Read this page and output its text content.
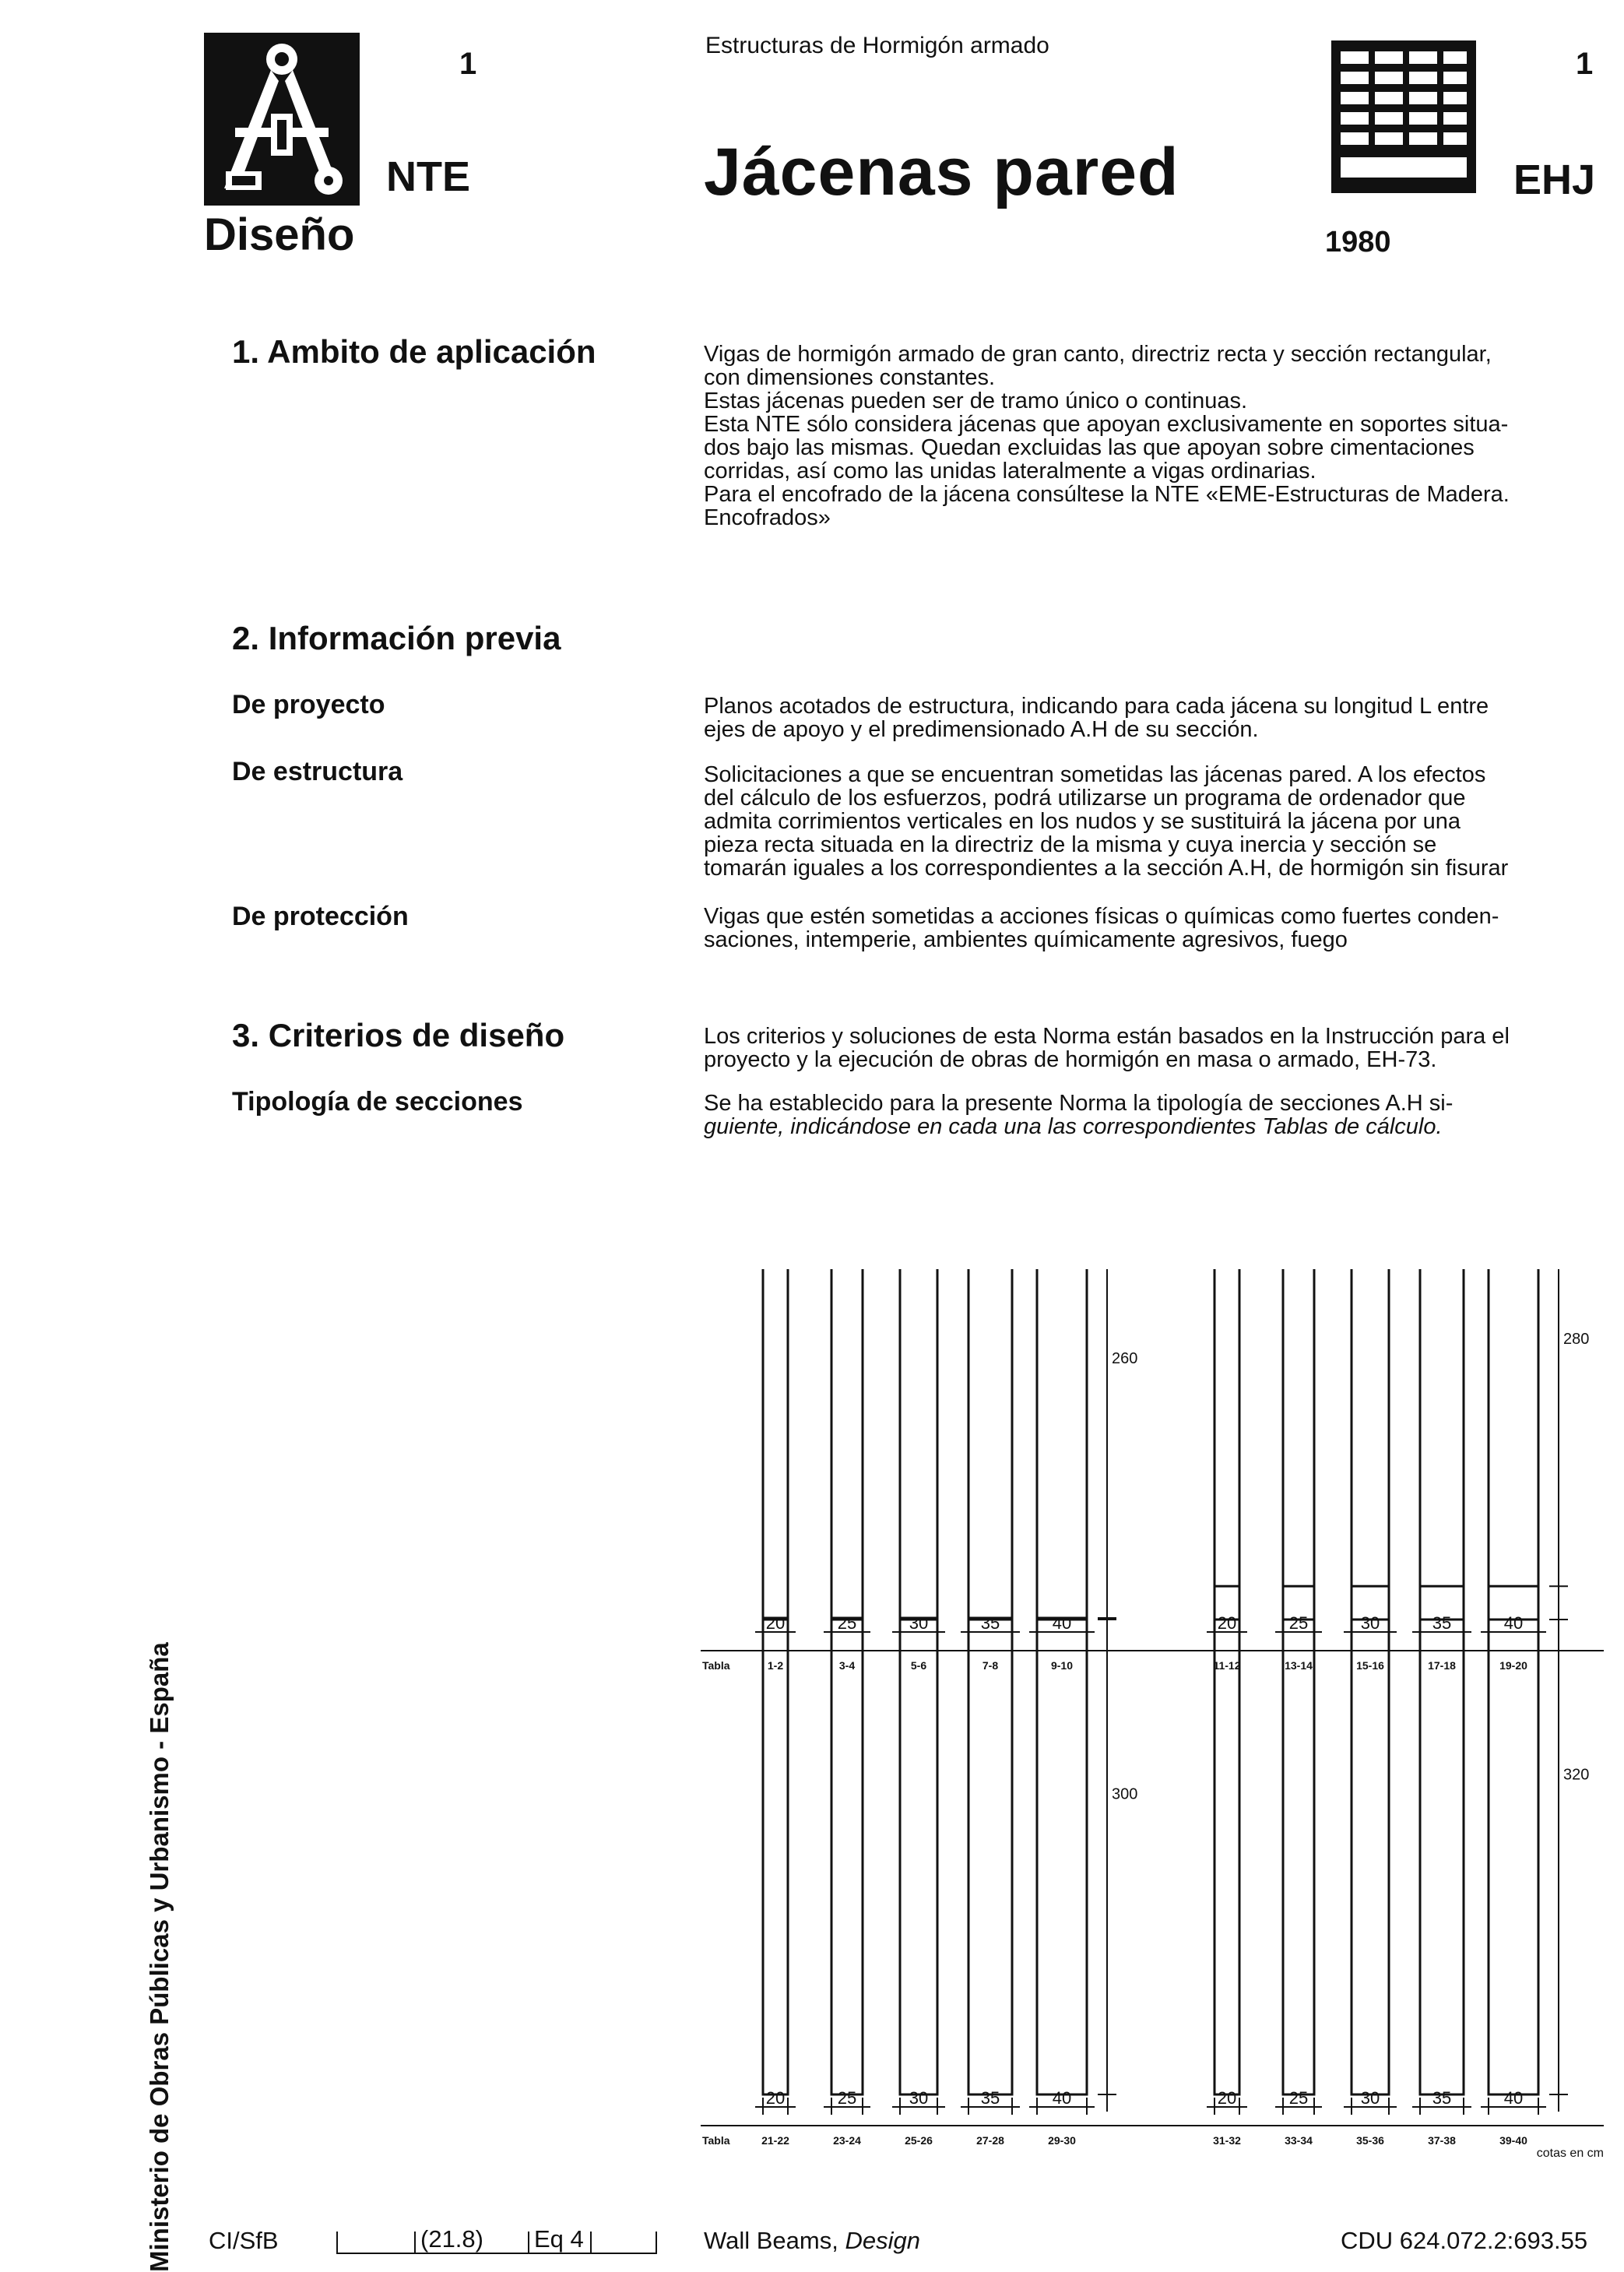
1
NTE
Diseño
Estructuras de Hormigón armado
Jácenas pared
1
EHJ
1980
1. Ambito de aplicación	Vigas de hormigón armado de gran canto, directriz recta y sección rectangular,

con dimensiones constantes.

Estas jácenas pueden ser de tramo único o continuas.

Esta NTE sólo considera jácenas que apoyan exclusivamente en soportes situa-

dos bajo las mismas. Quedan excluidas las que apoyan sobre cimentaciones

corridas, así como las unidas lateralmente a vigas ordinarias.

Para el encofrado de la jácena consúltese la NTE «EME-Estructuras de Madera.

Encofrados»

2. Información previa
De proyecto	Planos acotados de estructura, indicando para cada jácena su longitud L entre

ejes de apoyo y el predimensionado A.H de su sección.

De estructura	Solicitaciones a que se encuentran sometidas las jácenas pared. A los efectos

del cálculo de los esfuerzos, podrá utilizarse un programa de ordenador que

admita corrimientos verticales en los nudos y se sustituirá la jácena por una

pieza recta situada en la directriz de la misma y cuya inercia y sección se

tomarán iguales a los correspondientes a la sección A.H, de hormigón sin fisurar

De protección	Vigas que estén sometidas a acciones físicas o químicas como fuertes conden-

saciones, intemperie, ambientes químicamente agresivos, fuego

3. Criterios de diseño	Los criterios y soluciones de esta Norma están basados en la Instrucción para el

proyecto y la ejecución de obras de hormigón en masa o armado, EH-73.

Tipología de secciones	Se ha establecido para la presente Norma la tipología de secciones A.H si-

guiente, indicándose en cada una las correspondientes Tablas de cálculo.

20
1-2
25
3-4
30
5-6
35
7-8
40
9-10
260
Tabla
20
11-12
25
13-14
30
15-16
35
17-18
40
19-20
280
20
21-22
25
23-24
30
25-26
35
27-28
40
29-30
300
Tabla
20
31-32
25
33-34
30
35-36
35
37-38
40
39-40
320
cotas en cm
Ministerio de Obras Públicas y Urbanismo - España CI/SfB	(21.8) Eq 4	Wall Beams, Design	CDU 624.072.2:693.55
